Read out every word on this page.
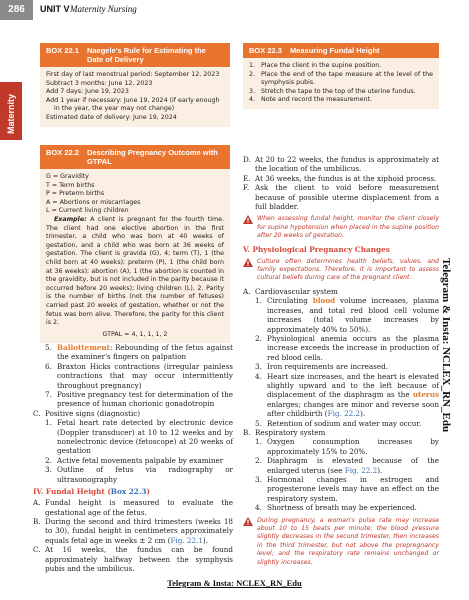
286	UNIT V Maternity Nursing
Maternity
Telegram & Insta: NCLEX_RN_Edu
BOX 22.1 Naegele's Rule for Estimating the Date of Delivery

First day of last menstrual period: September 12, 2023

Subtract 3 months: June 12, 2023

Add 7 days: June 19, 2023

Add 1 year if necessary: June 19, 2024 (if early enough in the year, the year may not change)

Estimated date of delivery: June 19, 2024

BOX 22.2 Describing Pregnancy Outcome with GTPAL

G = Gravidity

T = Term births

P = Preterm births

A = Abortions or miscarriages

L = Current living children

Example: A client is pregnant for the fourth time. The client had one elective abortion in the first trimester, a child who was born at 40 weeks of gestation, and a child who was born at 36 weeks of gestation. The client is gravida (G), 4; term (T), 1 (the child born at 40 weeks); preterm (P), 1 (the child born at 36 weeks); abortion (A), 1 (the abortion is counted in the gravidity, but is not included in the parity because it occurred before 20 weeks); living children (L), 2. Parity is the number of births (not the number of fetuses) carried past 20 weeks of gestation, whether or not the fetus was born alive. Therefore, the parity for this client is 2.

GTPAL = 4, 1, 1, 1, 2

BOX 22.3 Measuring Fundal Height
1. Place the client in the supine position.
2. Place the end of the tape measure at the level of the symphysis pubis.
3. Stretch the tape to the top of the uterine fundus.
4. Note and record the measurement.
5. Ballottement: Rebounding of the fetus against the examiner's fingers on palpation
6. Braxton Hicks contractions (irregular painless contractions that may occur intermittently throughout pregnancy)
7. Positive pregnancy test for determination of the presence of human chorionic gonadotropin
C. Positive signs (diagnostic)
1. Fetal heart rate detected by electronic device (Doppler transducer) at 10 to 12 weeks and by nonelectronic device (fetoscope) at 20 weeks of gestation
2. Active fetal movements palpable by examiner
3. Outline of fetus via radiography or ultrasonography
IV. Fundal Height (Box 22.3)
A. Fundal height is measured to evaluate the gestational age of the fetus.
B. During the second and third trimesters (weeks 18 to 30), fundal height in centimeters approximately equals fetal age in weeks ± 2 cm (Fig. 22.1).
C. At 16 weeks, the fundus can be found approximately halfway between the symphysis pubis and the umbilicus.
D. At 20 to 22 weeks, the fundus is approximately at the location of the umbilicus.
E. At 36 weeks, the fundus is at the xiphoid process.
F. Ask the client to void before measurement because of possible uterine displacement from a full bladder.
When assessing fundal height, monitor the client closely for supine hypotension when placed in the supine position after 20 weeks of gestation.
V. Physiological Pregnancy Changes
Culture often determines health beliefs, values, and family expectations. Therefore, it is important to assess cultural beliefs during care of the pregnant client.
A. Cardiovascular system
1. Circulating blood volume increases, plasma increases, and total red blood cell volume increases (total volume increases by approximately 40% to 50%).
2. Physiological anemia occurs as the plasma increase exceeds the increase in production of red blood cells.
3. Iron requirements are increased.
4. Heart size increases, and the heart is elevated slightly upward and to the left because of displacement of the diaphragm as the uterus enlarges; changes are minor and reverse soon after childbirth (Fig. 22.2).
5. Retention of sodium and water may occur.
B. Respiratory system
1. Oxygen consumption increases by approximately 15% to 20%.
2. Diaphragm is elevated because of the enlarged uterus (see Fig. 22.2).
3. Hormonal changes in estrogen and progesterone levels may have an effect on the respiratory system.
4. Shortness of breath may be experienced.
During pregnancy, a woman's pulse rate may increase about 10 to 15 beats per minute; the blood pressure slightly decreases in the second trimester, then increases in the third trimester, but not above the prepregnancy level; and the respiratory rate remains unchanged or slightly increases.
Telegram & Insta: NCLEX_RN_Edu
